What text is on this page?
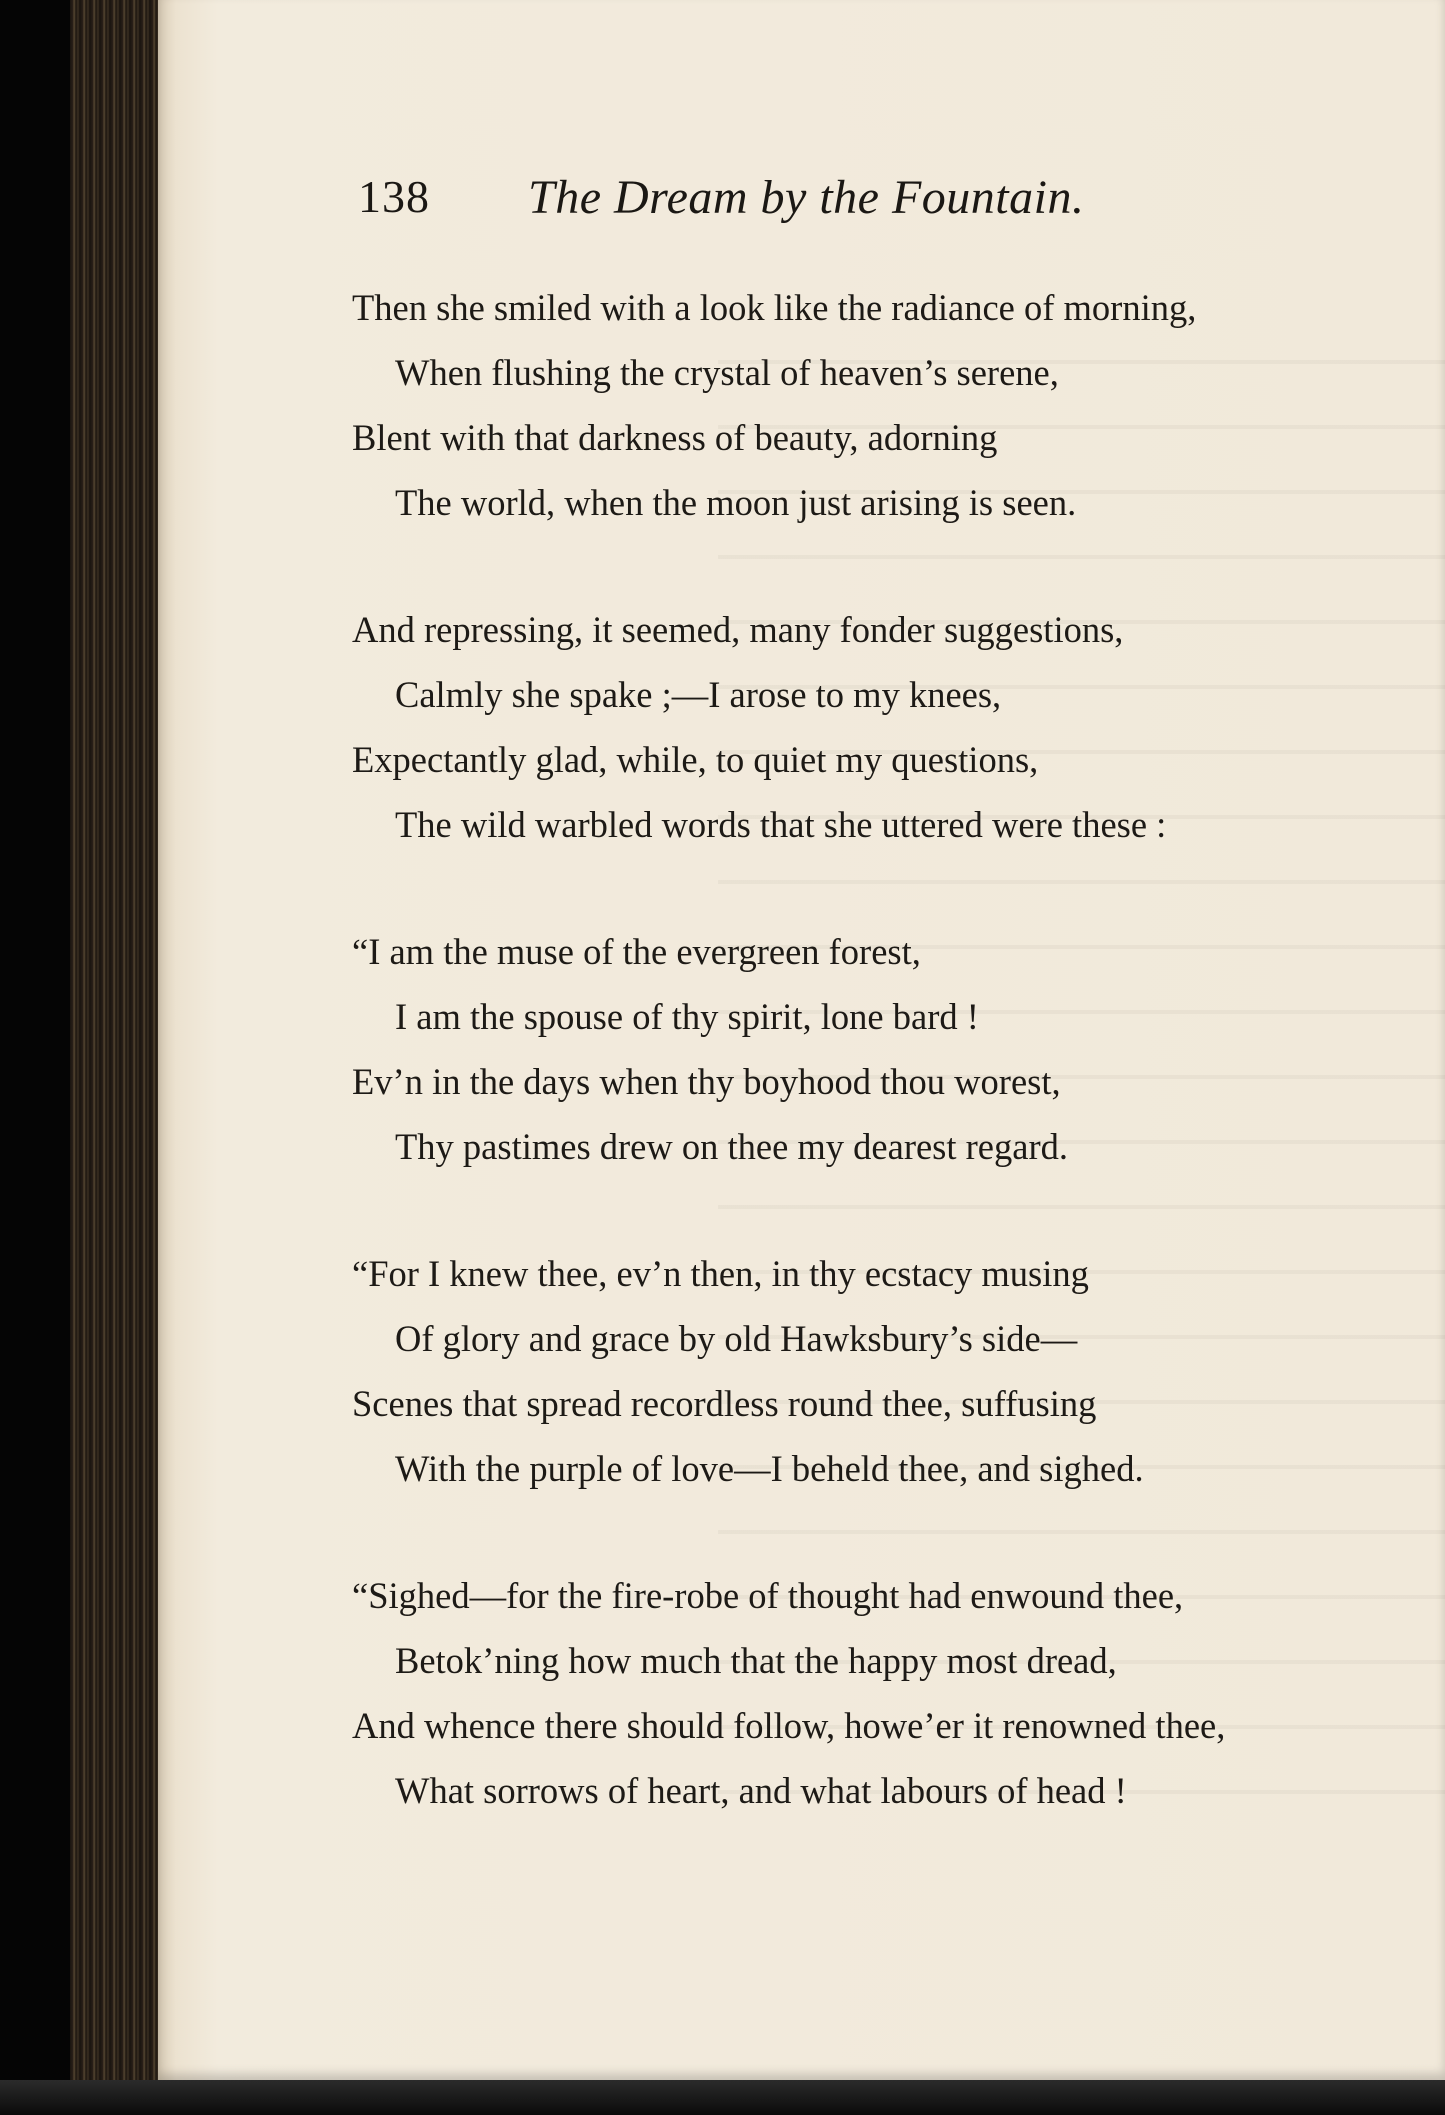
138 The Dream by the Fountain.
Then she smiled with a look like the radiance of morning,
When flushing the crystal of heaven’s serene,
Blent with that darkness of beauty, adorning
The world, when the moon just arising is seen.
And repressing, it seemed, many fonder suggestions,
Calmly she spake ;—I arose to my knees,
Expectantly glad, while, to quiet my questions,
The wild warbled words that she uttered were these :
“I am the muse of the evergreen forest,
I am the spouse of thy spirit, lone bard !
Ev’n in the days when thy boyhood thou worest,
Thy pastimes drew on thee my dearest regard.
“For I knew thee, ev’n then, in thy ecstacy musing
Of glory and grace by old Hawksbury’s side—
Scenes that spread recordless round thee, suffusing
With the purple of love—I beheld thee, and sighed.
“Sighed—for the fire-robe of thought had enwound thee,
Betok’ning how much that the happy most dread,
And whence there should follow, howe’er it renowned thee,
What sorrows of heart, and what labours of head !
